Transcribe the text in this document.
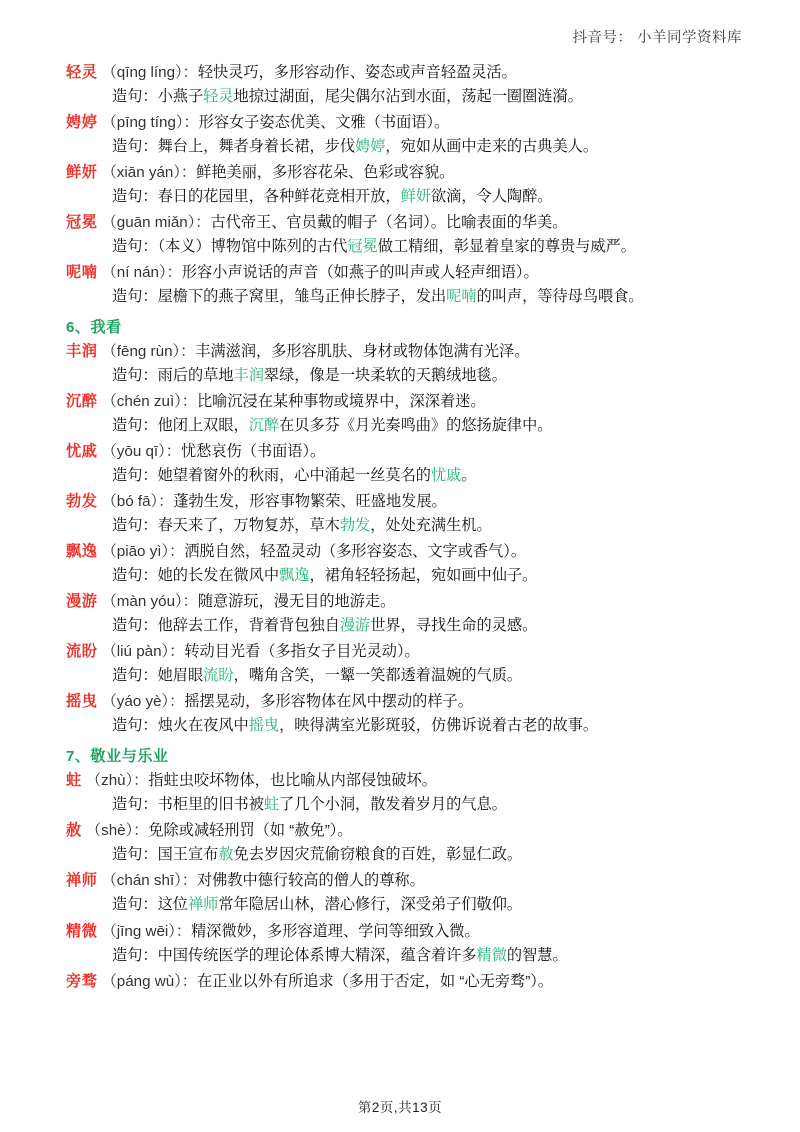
抖音号： 小羊同学资料库
轻灵 （qīng líng）：轻快灵巧，多形容动作、姿态或声音轻盈灵活。
造句：小燕子轻灵地掠过湖面，尾尖偶尔沾到水面，荡起一圈圈涟漪。
娉婷 （pīng tíng）：形容女子姿态优美、文雅（书面语）。
造句：舞台上，舞者身着长裙，步伐娉婷，宛如从画中走来的古典美人。
鲜妍 （xiān yán）：鲜艳美丽，多形容花朵、色彩或容貌。
造句：春日的花园里，各种鲜花竞相开放，鲜妍欲滴，令人陶醉。
冠冕 （guān miǎn）：古代帝王、官员戴的帽子（名词）。比喻表面的华美。
造句：（本义）博物馆中陈列的古代冠冕做工精细，彰显着皇家的尊贵与威严。
呢喃 （ní nán）：形容小声说话的声音（如燕子的叫声或人轻声细语）。
造句：屋檐下的燕子窝里，雏鸟正伸长脖子，发出呢喃的叫声，等待母鸟喂食。
6、我看
丰润 （fēng rùn）：丰满滋润，多形容肌肤、身材或物体饱满有光泽。
造句：雨后的草地丰润翠绿，像是一块柔软的天鹅绒地毯。
沉醉 （chén zuì）：比喻沉浸在某种事物或境界中，深深着迷。
造句：他闭上双眼，沉醉在贝多芬《月光奏鸣曲》的悠扬旋律中。
忧戚 （yōu qī）：忧愁哀伤（书面语）。
造句：她望着窗外的秋雨，心中涌起一丝莫名的忧戚。
勃发 （bó fā）：蓬勃生发，形容事物繁荣、旺盛地发展。
造句：春天来了，万物复苏，草木勃发，处处充满生机。
飘逸 （piāo yì）：洒脱自然，轻盈灵动（多形容姿态、文字或香气）。
造句：她的长发在微风中飘逸，裙角轻轻扬起，宛如画中仙子。
漫游 （màn yóu）：随意游玩，漫无目的地游走。
造句：他辞去工作，背着背包独自漫游世界，寻找生命的灵感。
流盼 （liú pàn）：转动目光看（多指女子目光灵动）。
造句：她眉眼流盼，嘴角含笑，一颦一笑都透着温婉的气质。
摇曳 （yáo yè）：摇摆晃动，多形容物体在风中摆动的样子。
造句：烛火在夜风中摇曳，映得满室光影斑驳，仿佛诉说着古老的故事。
7、敬业与乐业
蛀 （zhù）：指蛀虫咬坏物体，也比喻从内部侵蚀破坏。
造句：书柜里的旧书被蛀了几个小洞，散发着岁月的气息。
赦 （shè）：免除或减轻刑罚（如 “赦免”）。
造句：国王宣布赦免去岁因灾荒偷窃粮食的百姓，彰显仁政。
禅师 （chán shī）：对佛教中德行较高的僧人的尊称。
造句：这位禅师常年隐居山林，潜心修行，深受弟子们敬仰。
精微 （jīng wēi）：精深微妙，多形容道理、学问等细致入微。
造句：中国传统医学的理论体系博大精深，蕴含着许多精微的智慧。
旁骛 （páng wù）：在正业以外有所追求（多用于否定，如 “心无旁骛”）。
第2页,共13页
